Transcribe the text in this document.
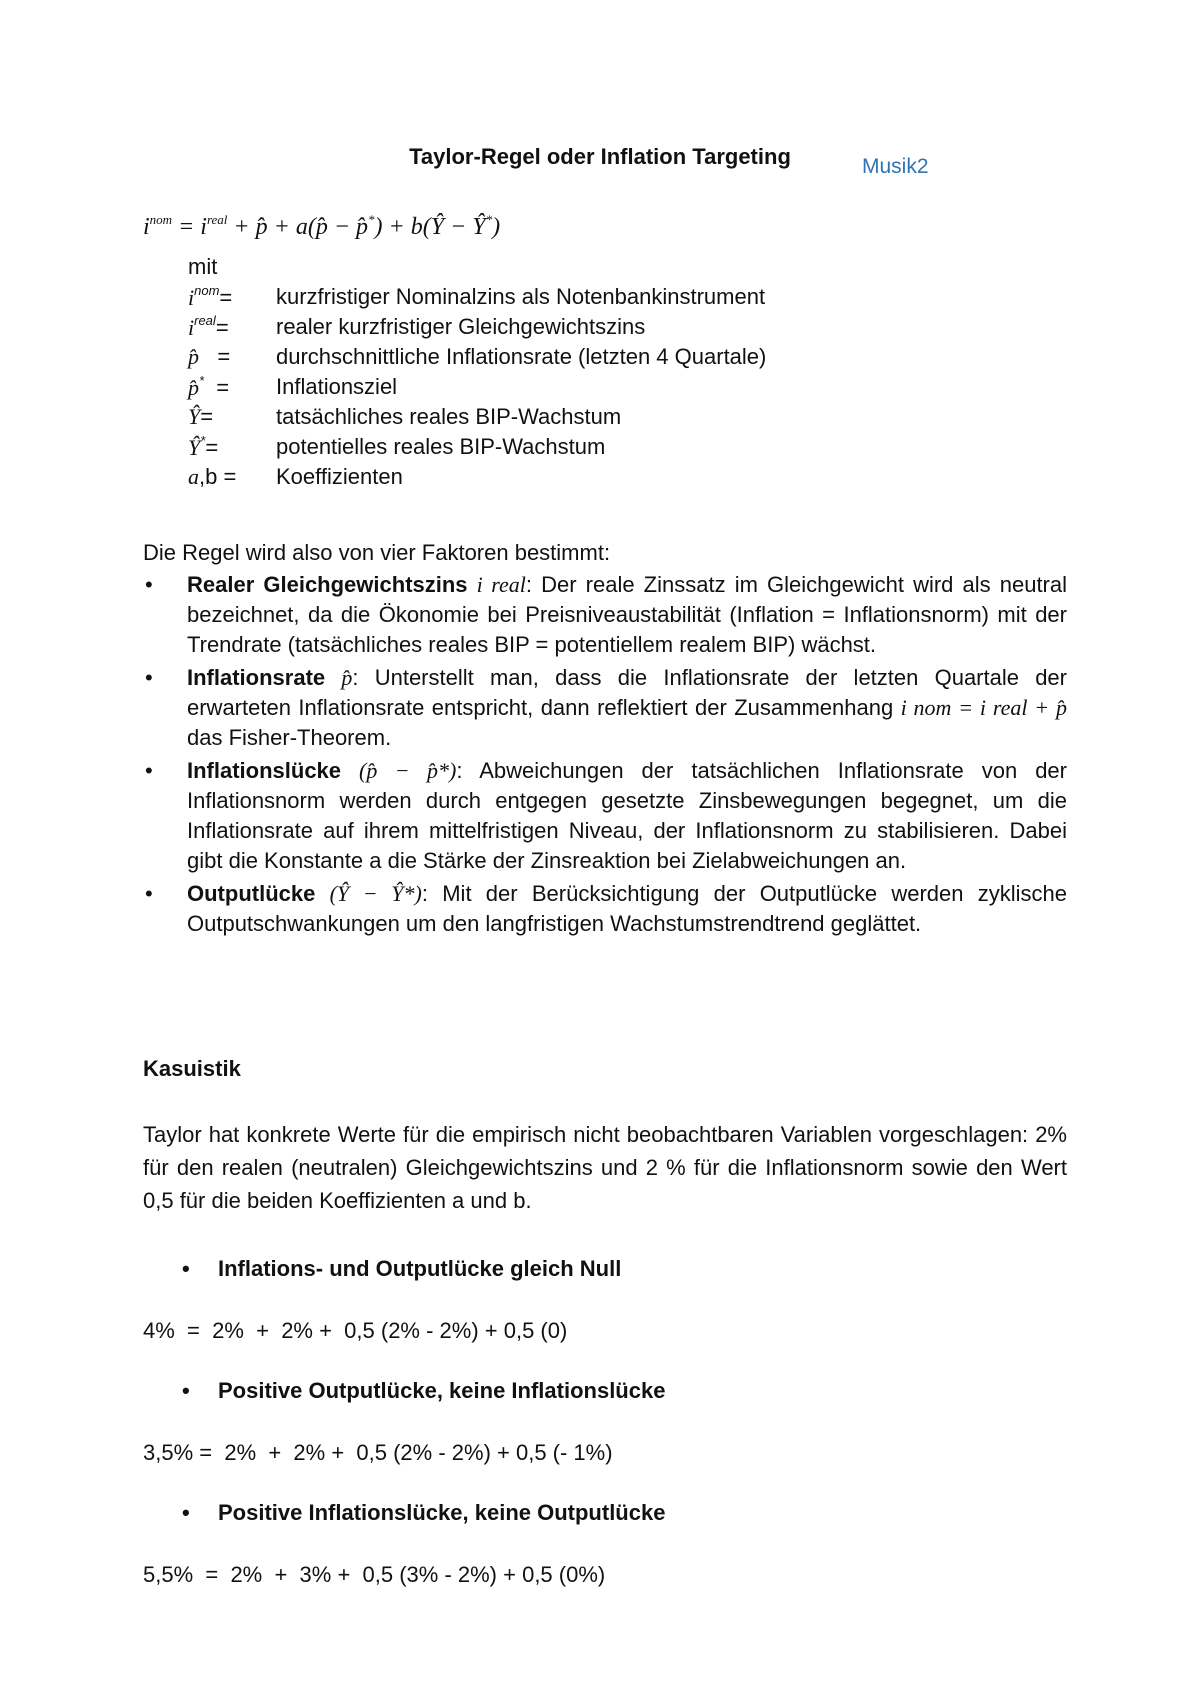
Taylor-Regel oder Inflation Targeting	Musik2
$i^{nom} = i^{real}$ + p̂ + a(p̂ − p̂*) + b(Ŷ − Ŷ*)
mit
$i^{nom}=$	kurzfristiger Nominalzins als Notenbankinstrument
$i^{real}=$	realer kurzfristiger Gleichgewichtszins
p̂   =	durchschnittliche Inflationsrate (letzten 4 Quartale)
p̂*  =	Inflationsziel
Ŷ=	tatsächliches reales BIP-Wachstum
Ŷ*=	potentielles reales BIP-Wachstum
a,b =	Koeffizienten
Die Regel wird also von vier Faktoren bestimmt:
• Realer Gleichgewichtszins i real: Der reale Zinssatz im Gleichgewicht wird als neutral bezeichnet, da die Ökonomie bei Preisniveaustabilität (Inflation = Inflationsnorm) mit der Trendrate (tatsächliches reales BIP = potentiellem realem BIP) wächst.
• Inflationsrate p̂: Unterstellt man, dass die Inflationsrate der letzten Quartale der erwarteten Inflationsrate entspricht, dann reflektiert der Zusammenhang i nom = i real + p̂ das Fisher-Theorem.
• Inflationslücke (p̂ − p̂*): Abweichungen der tatsächlichen Inflationsrate von der Inflationsnorm werden durch entgegen gesetzte Zinsbewegungen begegnet, um die Inflationsrate auf ihrem mittelfristigen Niveau, der Inflationsnorm zu stabilisieren. Dabei gibt die Konstante a die Stärke der Zinsreaktion bei Zielabweichungen an.
• Outputlücke (Ŷ − Ŷ*): Mit der Berücksichtigung der Outputlücke werden zyklische Outputschwankungen um den langfristigen Wachstumstrendtrend geglättet.
Kasuistik
Taylor hat konkrete Werte für die empirisch nicht beobachtbaren Variablen vorgeschlagen: 2% für den realen (neutralen) Gleichgewichtszins und 2 % für die Inflationsnorm sowie den Wert 0,5 für die beiden Koeffizienten a und b.
• Inflations- und Outputlücke gleich Null
4%  =  2%  +  2% +  0,5 (2% - 2%) + 0,5 (0)
• Positive Outputlücke, keine Inflationslücke
3,5% =  2%  +  2% +  0,5 (2% - 2%) + 0,5 (- 1%)
• Positive Inflationslücke, keine Outputlücke
5,5%  =  2%  +  3% +  0,5 (3% - 2%) + 0,5 (0%)
